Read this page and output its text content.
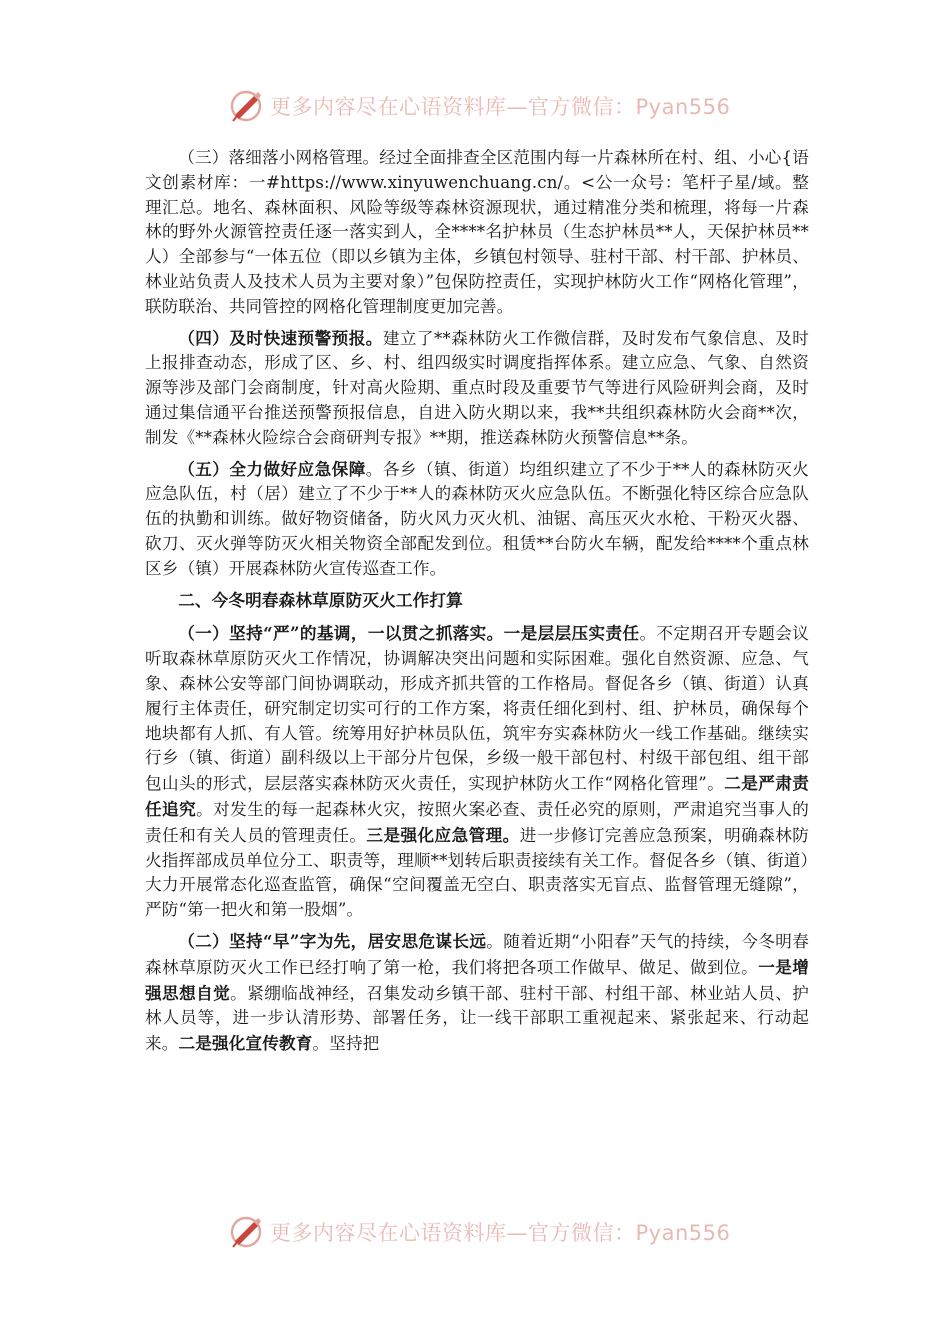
更多内容尽在心语资料库—官方微信：Pyan556

（三）落细落小网格管理。经过全面排查全区范围内每一片森林所在村、组、小心{语文创素材库：一#https://www.xinyuwenchuang.cn/。<公一众号：笔杆子星/域。整理汇总。地名、森林面积、风险等级等森林资源现状，通过精准分类和梳理，将每一片森林的野外火源管控责任逐一落实到人，全****名护林员（生态护林员**人，天保护林员**人）全部参与“一体五位（即以乡镇为主体，乡镇包村领导、驻村干部、村干部、护林员、林业站负责人及技术人员为主要对象）”包保防控责任，实现护林防火工作“网格化管理”，联防联治、共同管控的网格化管理制度更加完善。

（四）及时快速预警预报。建立了**森林防火工作微信群，及时发布气象信息、及时上报排查动态，形成了区、乡、村、组四级实时调度指挥体系。建立应急、气象、自然资源等涉及部门会商制度，针对高火险期、重点时段及重要节气等进行风险研判会商，及时通过集信通平台推送预警预报信息，自进入防火期以来，我**共组织森林防火会商**次，制发《**森林火险综合会商研判专报》**期，推送森林防火预警信息**条。

（五）全力做好应急保障。各乡（镇、街道）均组织建立了不少于**人的森林防灭火应急队伍，村（居）建立了不少于**人的森林防灭火应急队伍。不断强化特区综合应急队伍的执勤和训练。做好物资储备，防火风力灭火机、油锯、高压灭火水枪、干粉灭火器、砍刀、灭火弹等防灭火相关物资全部配发到位。租赁**台防火车辆，配发给****个重点林区乡（镇）开展森林防火宣传巡查工作。

二、今冬明春森林草原防灭火工作打算

（一）坚持“严”的基调，一以贯之抓落实。一是层层压实责任。不定期召开专题会议听取森林草原防灭火工作情况，协调解决突出问题和实际困难。强化自然资源、应急、气象、森林公安等部门间协调联动，形成齐抓共管的工作格局。督促各乡（镇、街道）认真履行主体责任，研究制定切实可行的工作方案，将责任细化到村、组、护林员，确保每个地块都有人抓、有人管。统筹用好护林员队伍，筑牢夯实森林防火一线工作基础。继续实行乡（镇、街道）副科级以上干部分片包保，乡级一般干部包村、村级干部包组、组干部包山头的形式，层层落实森林防灭火责任，实现护林防火工作“网格化管理”。二是严肃责任追究。对发生的每一起森林火灾，按照火案必查、责任必究的原则，严肃追究当事人的责任和有关人员的管理责任。三是强化应急管理。进一步修订完善应急预案，明确森林防火指挥部成员单位分工、职责等，理顺**划转后职责接续有关工作。督促各乡（镇、街道）大力开展常态化巡查监管，确保“空间覆盖无空白、职责落实无盲点、监督管理无缝隙”，严防“第一把火和第一股烟”。

（二）坚持“早”字为先，居安思危谋长远。随着近期“小阳春”天气的持续，今冬明春森林草原防灭火工作已经打响了第一枪，我们将把各项工作做早、做足、做到位。一是增强思想自觉。紧绷临战神经，召集发动乡镇干部、驻村干部、村组干部、林业站人员、护林人员等，进一步认清形势、部署任务，让一线干部职工重视起来、紧张起来、行动起来。二是强化宣传教育。坚持把

更多内容尽在心语资料库—官方微信：Pyan556
